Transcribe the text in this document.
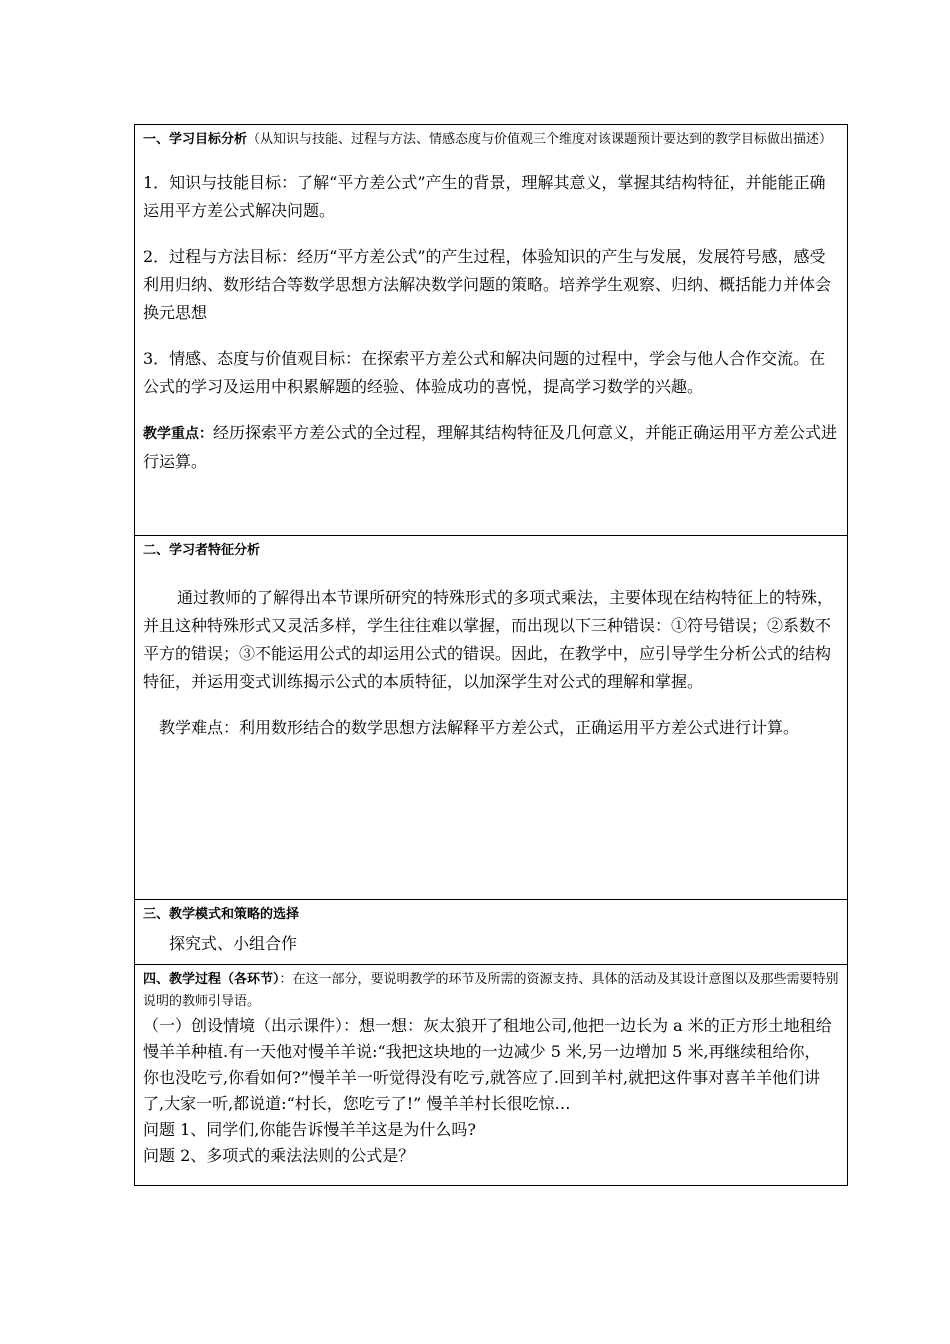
一、学习目标分析（从知识与技能、过程与方法、情感态度与价值观三个维度对该课题预计要达到的教学目标做出描述）

1．知识与技能目标：了解“平方差公式”产生的背景，理解其意义，掌握其结构特征，并能能正确运用平方差公式解决问题。

2．过程与方法目标：经历“平方差公式”的产生过程，体验知识的产生与发展，发展符号感，感受利用归纳、数形结合等数学思想方法解决数学问题的策略。培养学生观察、归纳、概括能力并体会换元思想

3．情感、态度与价值观目标：在探索平方差公式和解决问题的过程中，学会与他人合作交流。在公式的学习及运用中积累解题的经验、体验成功的喜悦，提高学习数学的兴趣。

教学重点：经历探索平方差公式的全过程，理解其结构特征及几何意义，并能正确运用平方差公式进行运算。

二、学习者特征分析

通过教师的了解得出本节课所研究的特殊形式的多项式乘法，主要体现在结构特征上的特殊，并且这种特殊形式又灵活多样，学生往往难以掌握，而出现以下三种错误：①符号错误；②系数不平方的错误；③不能运用公式的却运用公式的错误。因此，在教学中，应引导学生分析公式的结构特征，并运用变式训练揭示公式的本质特征，以加深学生对公式的理解和掌握。

教学难点：利用数形结合的数学思想方法解释平方差公式，正确运用平方差公式进行计算。

三、教学模式和策略的选择
探究式、小组合作

四、教学过程（各环节）：在这一部分，要说明教学的环节及所需的资源支持、具体的活动及其设计意图以及那些需要特别说明的教师引导语。

（一）创设情境（出示课件）：想一想：灰太狼开了租地公司,他把一边长为 a 米的正方形土地租给慢羊羊种植.有一天他对慢羊羊说:“我把这块地的一边减少 5 米,另一边增加 5 米,再继续租给你， 你也没吃亏,你看如何?”慢羊羊一听觉得没有吃亏,就答应了.回到羊村,就把这件事对喜羊羊他们讲了,大家一听,都说道:“村长，您吃亏了!” 慢羊羊村长很吃惊…

问题 1、同学们,你能告诉慢羊羊这是为什么吗?

问题 2、多项式的乘法法则的公式是？
